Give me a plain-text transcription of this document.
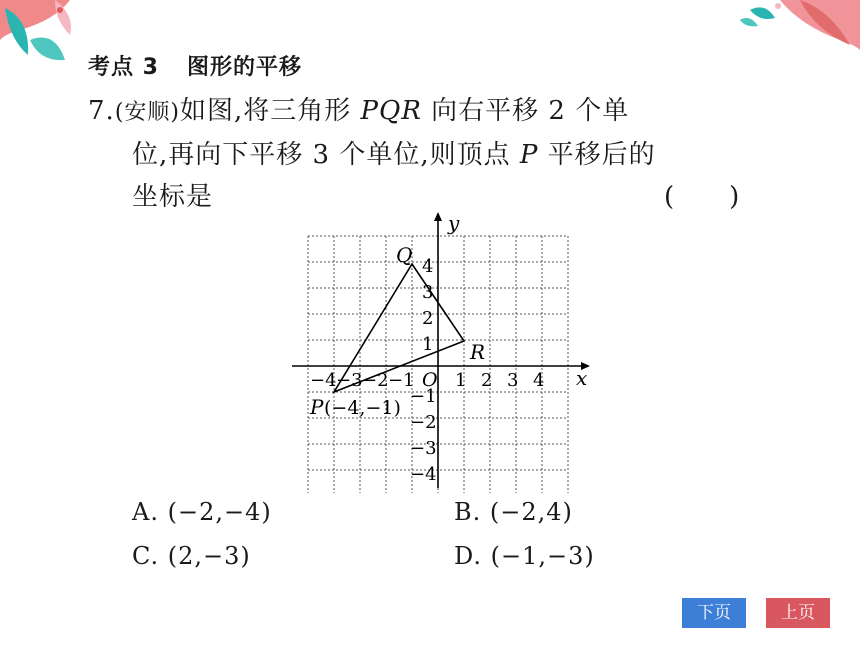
考点 3 图形的平移
7.(安顺)如图,将三角形 PQR 向右平移 2 个单
位,再向下平移 3 个单位,则顶点 P 平移后的
坐标是	(　　)
x
y
O
−4 −3 −2 −1 1 2 3 4
4
3
2
1
−1
−2
−3
−4
Q
R
P (−4,−1)
A. (−2,−4)	B. (−2,4)
C. (2,−3)	D. (−1,−3)
下页	上页
